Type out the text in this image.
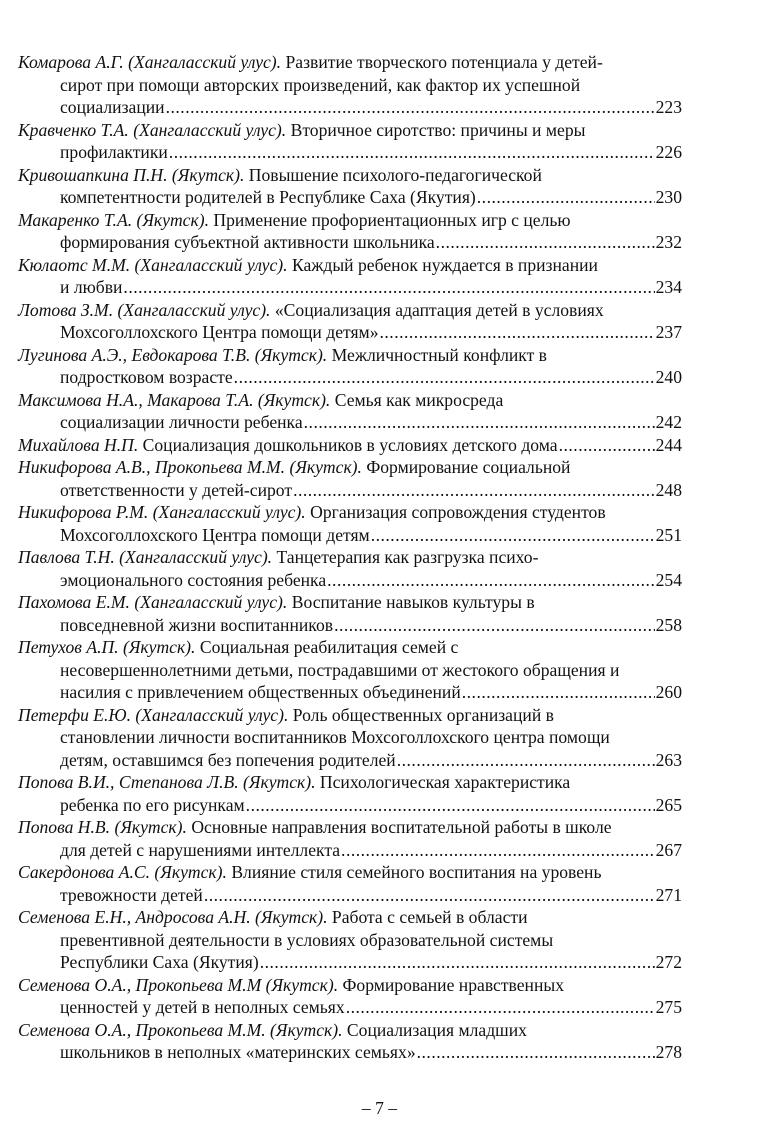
Комарова А.Г. (Хангаласский улус). Развитие творческого потенциала у детей-
сирот при помощи авторских произведений, как фактор их успешной
социализации .....	223
Кравченко Т.А. (Хангаласский улус). Вторичное сиротство: причины и меры
профилактики .....	226
Кривошапкина П.Н. (Якутск). Повышение психолого-педагогической
компетентности родителей в Республике Саха (Якутия) .....	230
Макаренко Т.А. (Якутск). Применение профориентационных игр с целью
формирования субъектной активности школьника .....	232
Кюлаотс М.М. (Хангаласский улус). Каждый ребенок нуждается в признании
и любви .....	234
Лотова З.М. (Хангаласский улус). «Социализация адаптация детей в условиях
Мохсоголлохского Центра помощи детям» .....	237
Лугинова А.Э., Евдокарова Т.В. (Якутск). Межличностный конфликт в
подростковом возрасте .....	240
Максимова Н.А., Макарова Т.А. (Якутск). Семья как микросреда
социализации личности ребенка .....	242
Михайлова Н.П. Социализация дошкольников в условиях детского дома .....	244
Никифорова А.В., Прокопьева М.М. (Якутск). Формирование социальной
ответственности у детей-сирот .....	248
Никифорова Р.М. (Хангаласский улус). Организация сопровождения студентов
Мохсоголлохского Центра помощи детям .....	251
Павлова Т.Н. (Хангаласский улус). Танцетерапия как разгрузка психо-
эмоционального состояния ребенка .....	254
Пахомова Е.М. (Хангаласский улус). Воспитание навыков культуры в
повседневной жизни воспитанников .....	258
Петухов А.П. (Якутск). Социальная реабилитация семей с
несовершеннолетними детьми, пострадавшими от жестокого обращения и
насилия с привлечением общественных объединений .....	260
Петерфи Е.Ю. (Хангаласский улус). Роль общественных организаций в
становлении личности воспитанников Мохсоголлохского центра помощи
детям, оставшимся без попечения родителей .....	263
Попова В.И., Степанова Л.В. (Якутск). Психологическая характеристика
ребенка по его рисункам .....	265
Попова Н.В. (Якутск). Основные направления воспитательной работы в школе
для детей с нарушениями интеллекта .....	267
Сакердонова А.С. (Якутск). Влияние стиля семейного воспитания на уровень
тревожности детей .....	271
Семенова Е.Н., Андросова А.Н. (Якутск). Работа с семьей в области
превентивной деятельности в условиях образовательной системы
Республики Саха (Якутия) .....	272
Семенова О.А., Прокопьева М.М (Якутск). Формирование нравственных
ценностей у детей в неполных семьях .....	275
Семенова О.А., Прокопьева М.М. (Якутск). Социализация младших
школьников в неполных «материнских семьях» .....	278
– 7 –
